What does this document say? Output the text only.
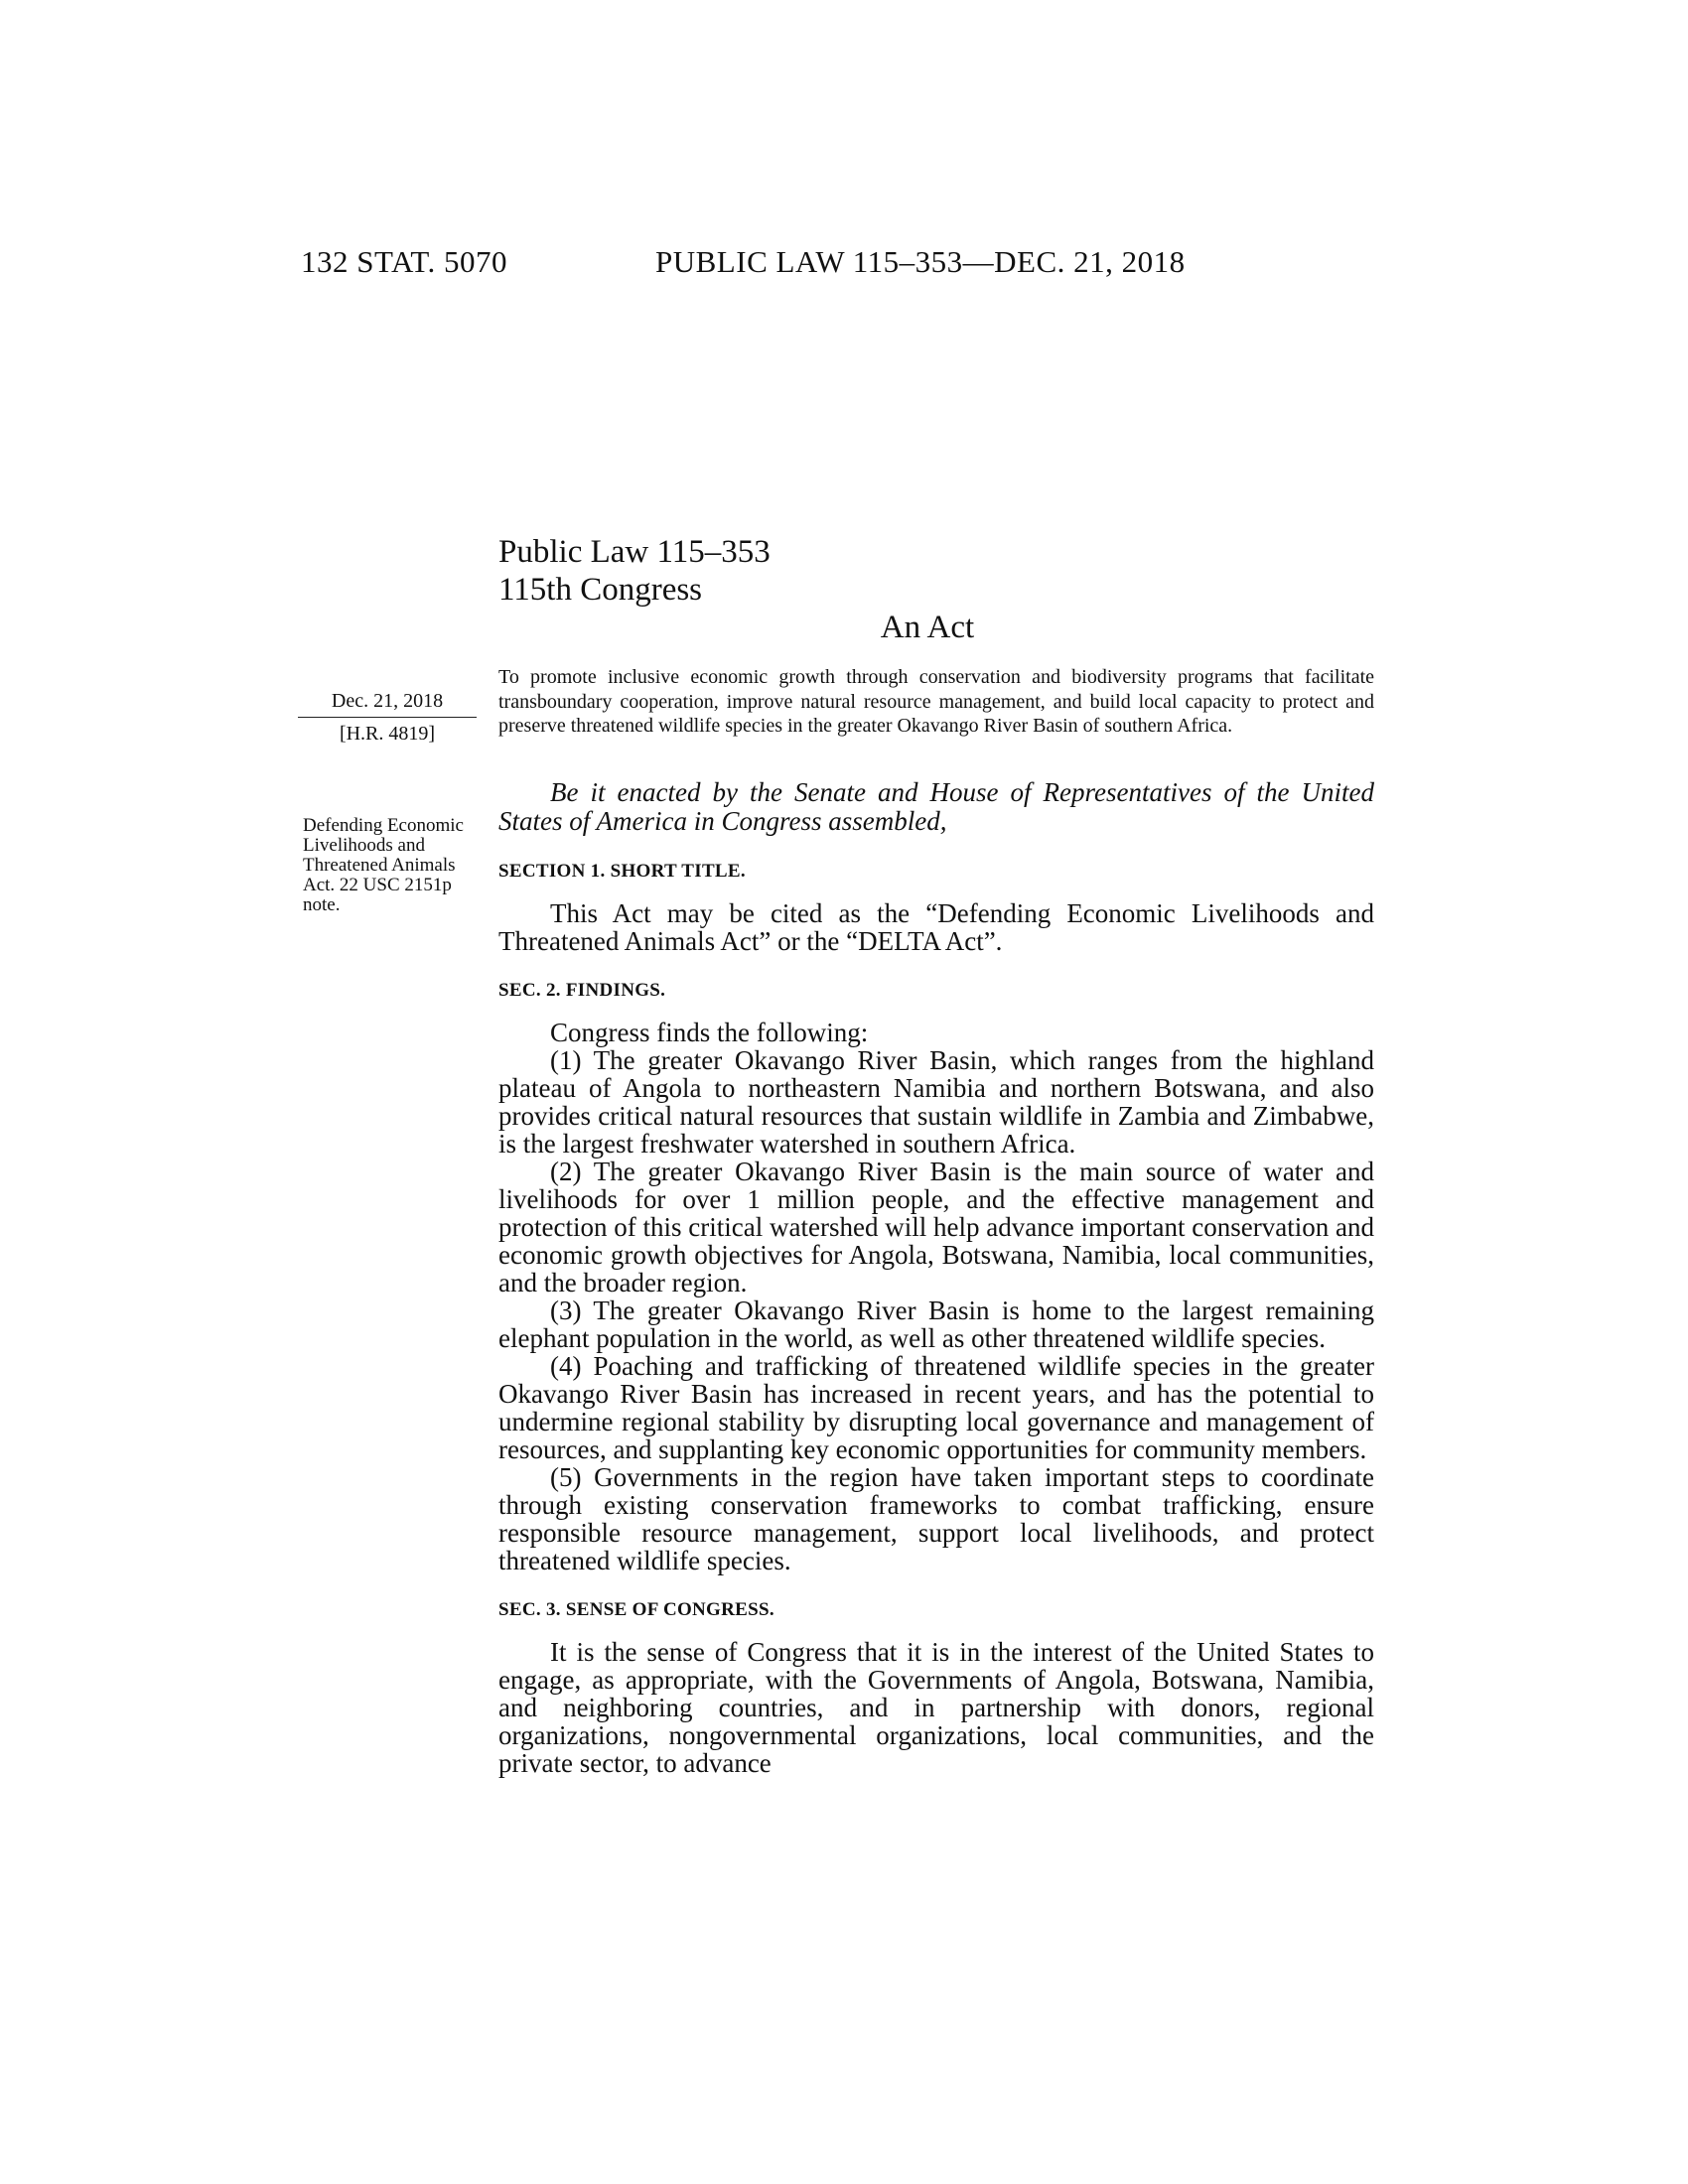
132 STAT. 5070	PUBLIC LAW 115–353—DEC. 21, 2018
Public Law 115–353
115th Congress
An Act
Dec. 21, 2018
[H.R. 4819]
Defending Economic Livelihoods and Threatened Animals Act. 22 USC 2151p note.
To promote inclusive economic growth through conservation and biodiversity programs that facilitate transboundary cooperation, improve natural resource management, and build local capacity to protect and preserve threatened wildlife species in the greater Okavango River Basin of southern Africa.

Be it enacted by the Senate and House of Representatives of the United States of America in Congress assembled,

SECTION 1. SHORT TITLE.

This Act may be cited as the “Defending Economic Livelihoods and Threatened Animals Act” or the “DELTA Act”.

SEC. 2. FINDINGS.

Congress finds the following:

(1) The greater Okavango River Basin, which ranges from the highland plateau of Angola to northeastern Namibia and northern Botswana, and also provides critical natural resources that sustain wildlife in Zambia and Zimbabwe, is the largest freshwater watershed in southern Africa.

(2) The greater Okavango River Basin is the main source of water and livelihoods for over 1 million people, and the effective management and protection of this critical watershed will help advance important conservation and economic growth objectives for Angola, Botswana, Namibia, local communities, and the broader region.

(3) The greater Okavango River Basin is home to the largest remaining elephant population in the world, as well as other threatened wildlife species.

(4) Poaching and trafficking of threatened wildlife species in the greater Okavango River Basin has increased in recent years, and has the potential to undermine regional stability by disrupting local governance and management of resources, and supplanting key economic opportunities for community members.

(5) Governments in the region have taken important steps to coordinate through existing conservation frameworks to combat trafficking, ensure responsible resource management, support local livelihoods, and protect threatened wildlife species.

SEC. 3. SENSE OF CONGRESS.

It is the sense of Congress that it is in the interest of the United States to engage, as appropriate, with the Governments of Angola, Botswana, Namibia, and neighboring countries, and in partnership with donors, regional organizations, nongovernmental organizations, local communities, and the private sector, to advance
